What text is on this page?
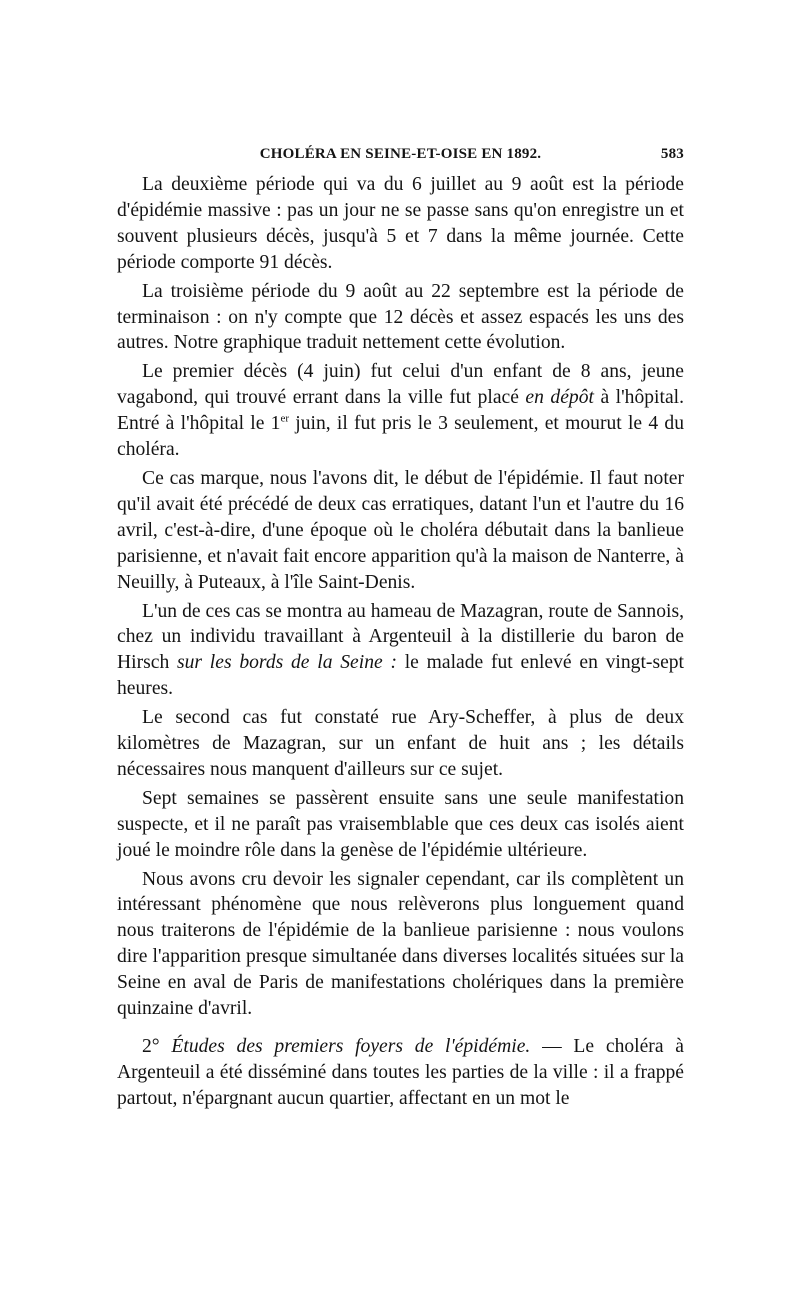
CHOLÉRA EN SEINE-ET-OISE EN 1892.	583

La deuxième période qui va du 6 juillet au 9 août est la période d'épidémie massive : pas un jour ne se passe sans qu'on enregistre un et souvent plusieurs décès, jusqu'à 5 et 7 dans la même journée. Cette période comporte 91 décès.

La troisième période du 9 août au 22 septembre est la période de terminaison : on n'y compte que 12 décès et assez espacés les uns des autres. Notre graphique traduit nettement cette évolution.

Le premier décès (4 juin) fut celui d'un enfant de 8 ans, jeune vagabond, qui trouvé errant dans la ville fut placé en dépôt à l'hôpital. Entré à l'hôpital le 1er juin, il fut pris le 3 seulement, et mourut le 4 du choléra.

Ce cas marque, nous l'avons dit, le début de l'épidémie. Il faut noter qu'il avait été précédé de deux cas erratiques, datant l'un et l'autre du 16 avril, c'est-à-dire, d'une époque où le choléra débutait dans la banlieue parisienne, et n'avait fait encore apparition qu'à la maison de Nanterre, à Neuilly, à Puteaux, à l'île Saint-Denis.

L'un de ces cas se montra au hameau de Mazagran, route de Sannois, chez un individu travaillant à Argenteuil à la distillerie du baron de Hirsch sur les bords de la Seine : le malade fut enlevé en vingt-sept heures.

Le second cas fut constaté rue Ary-Scheffer, à plus de deux kilomètres de Mazagran, sur un enfant de huit ans ; les détails nécessaires nous manquent d'ailleurs sur ce sujet.

Sept semaines se passèrent ensuite sans une seule manifestation suspecte, et il ne paraît pas vraisemblable que ces deux cas isolés aient joué le moindre rôle dans la genèse de l'épidémie ultérieure.

Nous avons cru devoir les signaler cependant, car ils complètent un intéressant phénomène que nous relèverons plus longuement quand nous traiterons de l'épidémie de la banlieue parisienne : nous voulons dire l'apparition presque simultanée dans diverses localités situées sur la Seine en aval de Paris de manifestations cholériques dans la première quinzaine d'avril.

2° Études des premiers foyers de l'épidémie. — Le choléra à Argenteuil a été disséminé dans toutes les parties de la ville : il a frappé partout, n'épargnant aucun quartier, affectant en un mot le
